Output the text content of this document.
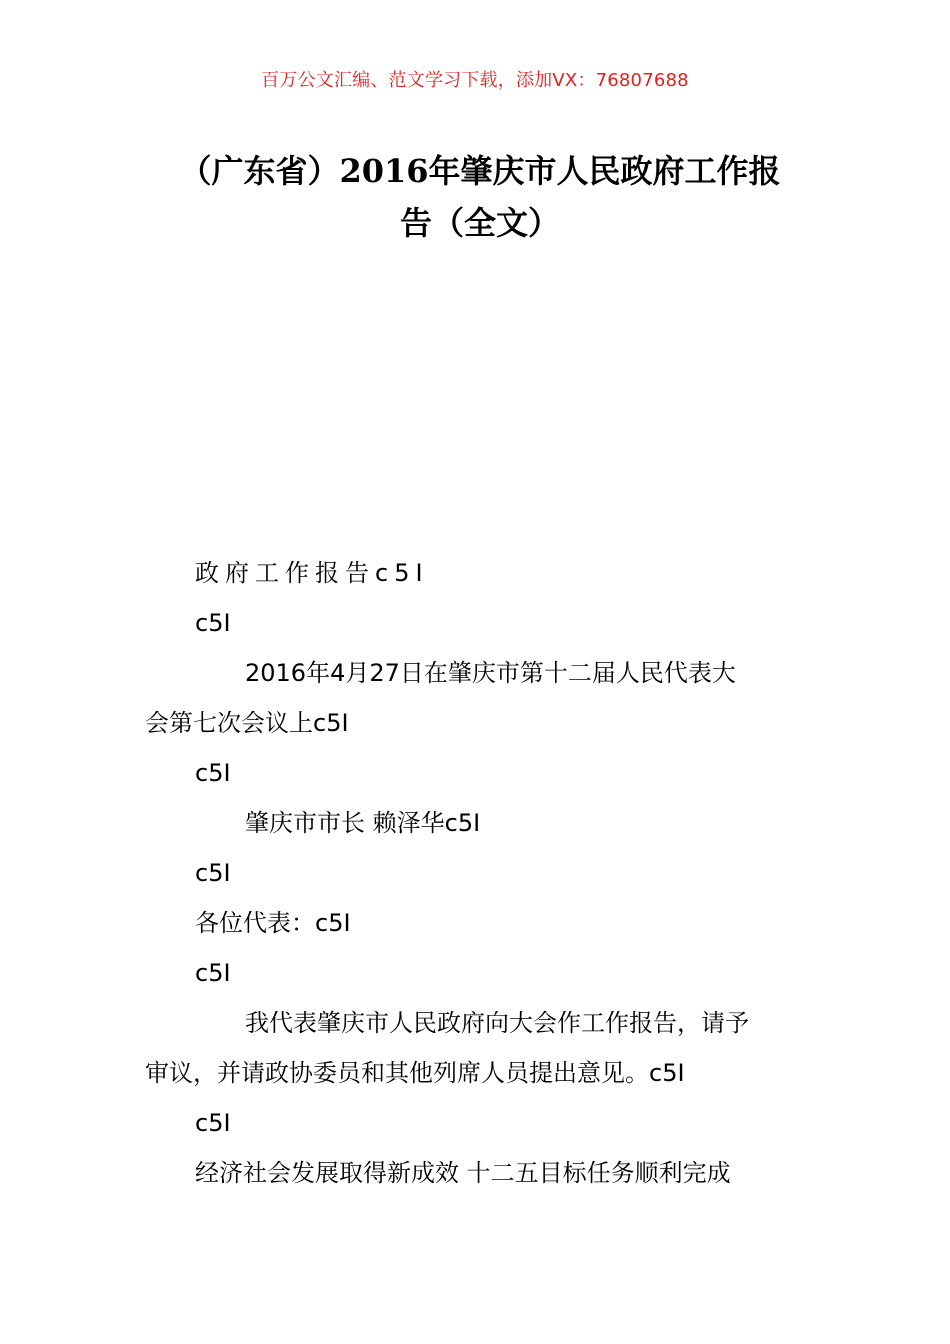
百万公文汇编、范文学习下载，添加VX：76807688
（广东省）2016年肇庆市人民政府工作报
告（全文）
政府工作报告c5I
c5I
2016年4月27日在肇庆市第十二届人民代表大
会第七次会议上c5I
c5I
肇庆市市长 赖泽华c5I
c5I
各位代表：c5I
c5I
我代表肇庆市人民政府向大会作工作报告，请予
审议，并请政协委员和其他列席人员提出意见。c5I
c5I
经济社会发展取得新成效 十二五目标任务顺利完成
